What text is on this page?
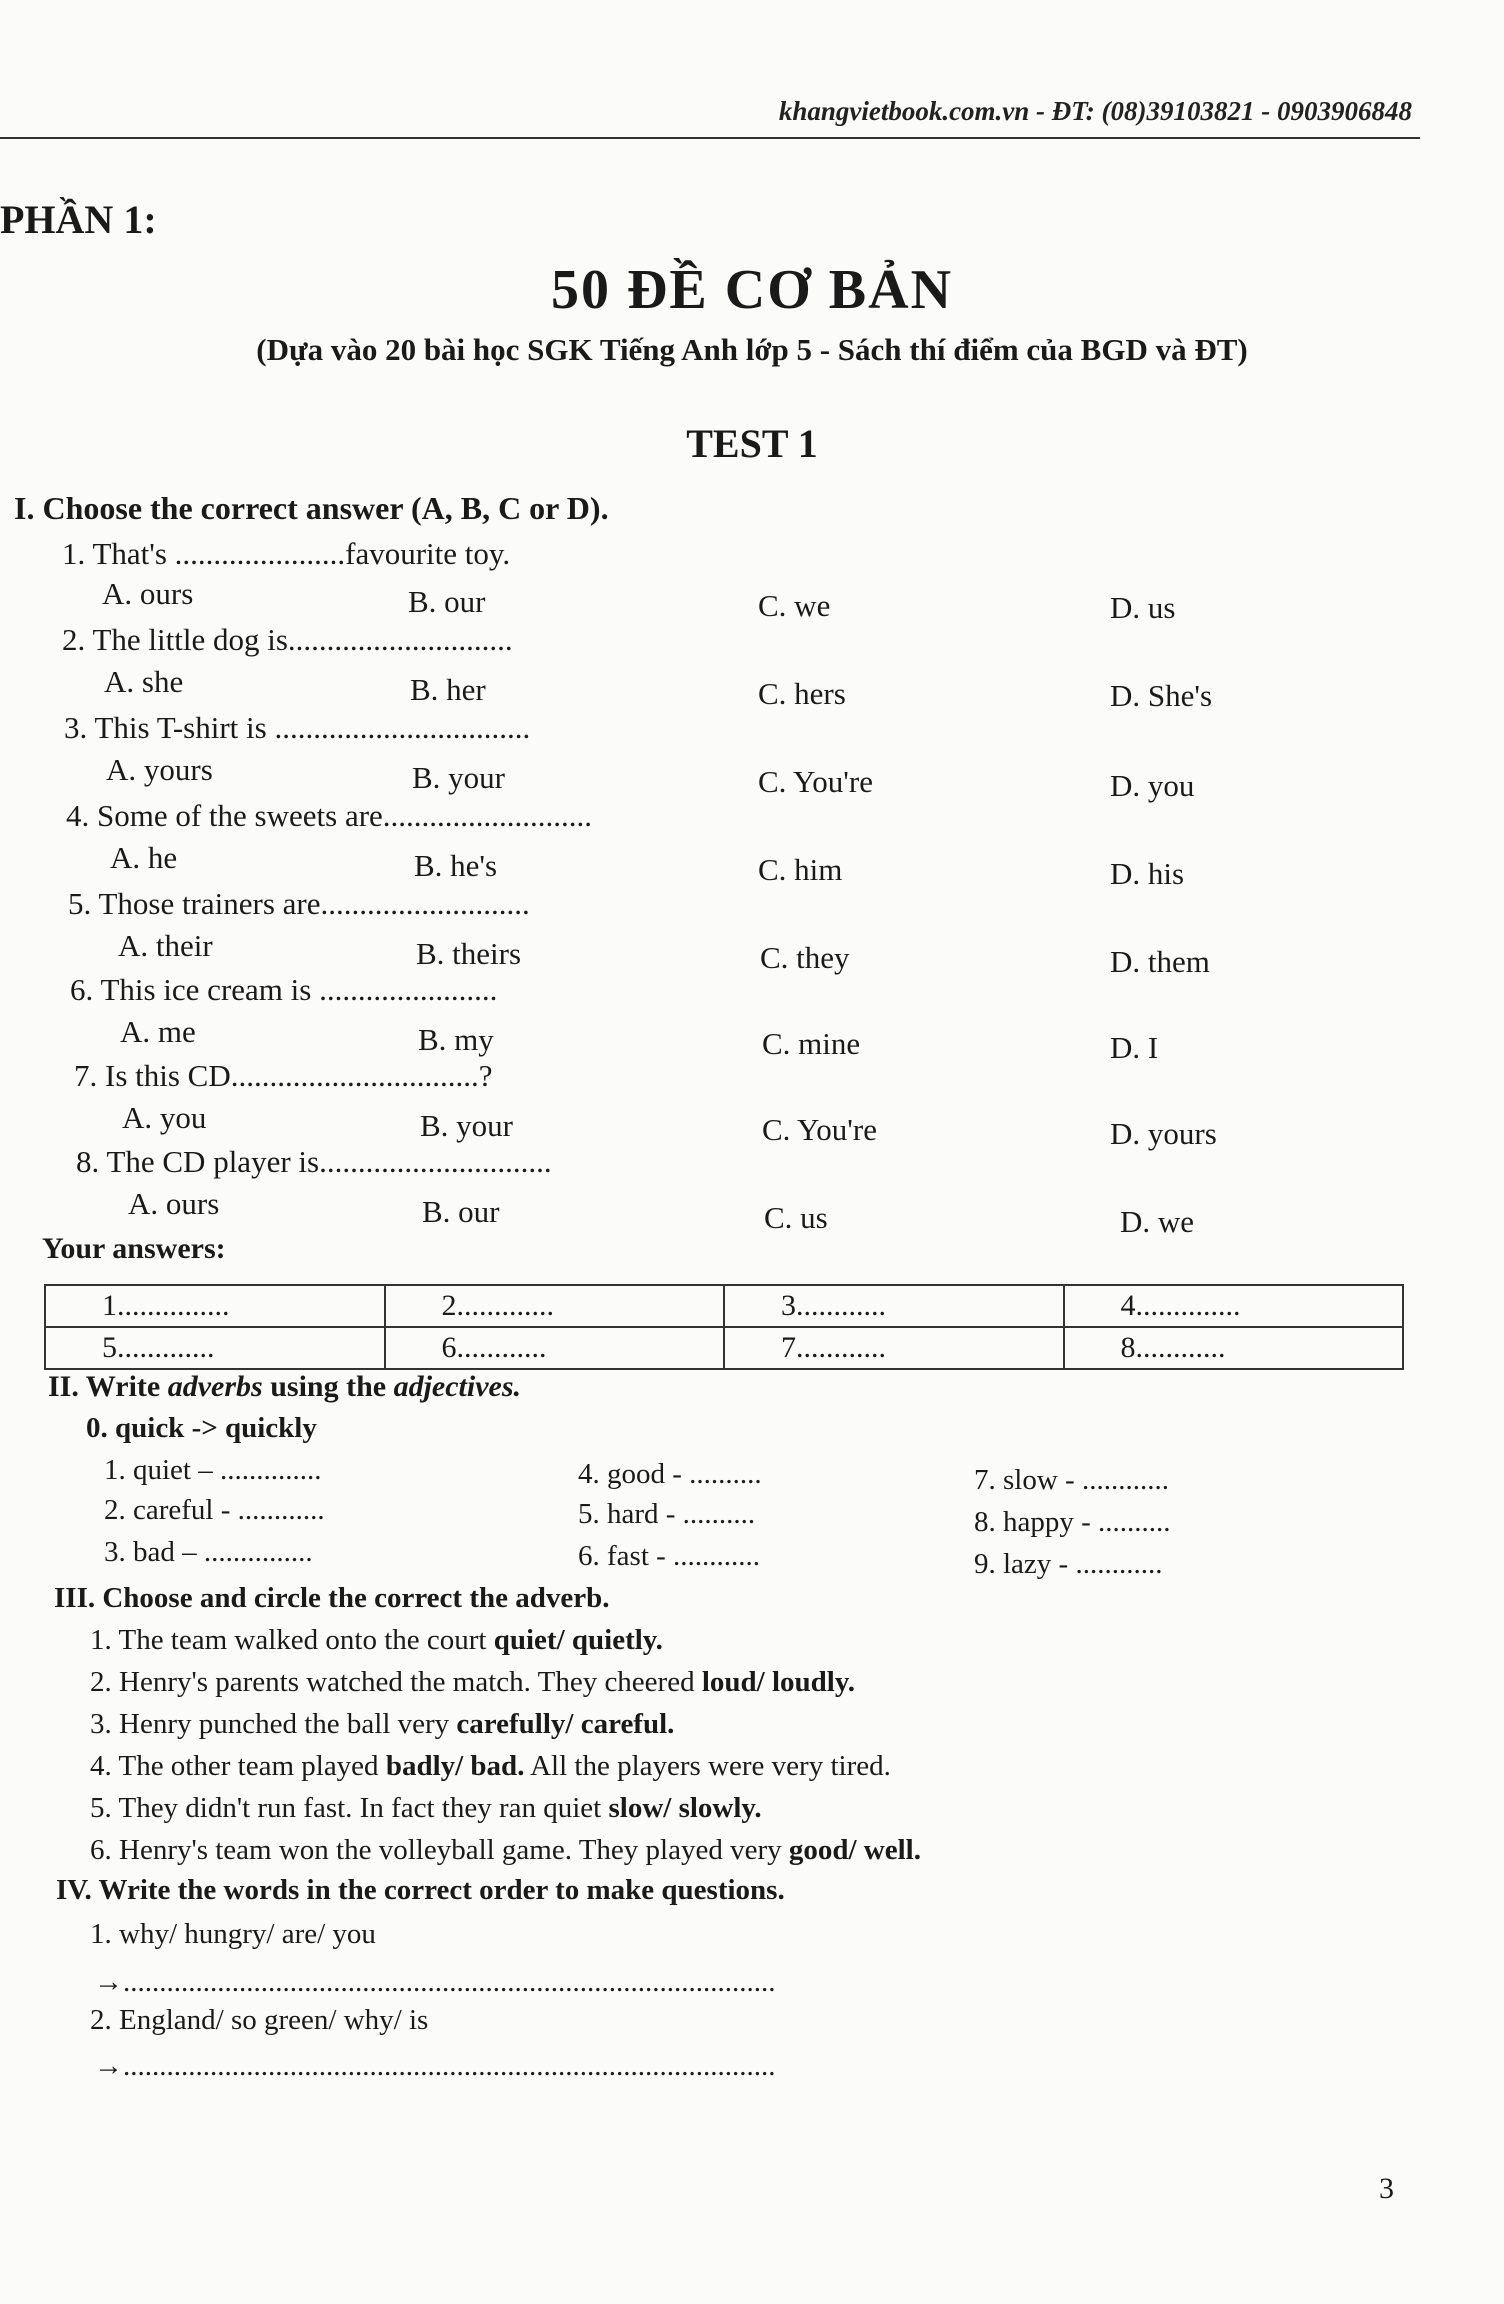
khangvietbook.com.vn - ĐT: (08)39103821 - 0903906848
PHẦN 1:
50 ĐỀ CƠ BẢN
(Dựa vào 20 bài học SGK Tiếng Anh lớp 5 - Sách thí điểm của BGD và ĐT)
TEST 1
I. Choose the correct answer (A, B, C or D).
1. That's ......................favourite toy.
A. ours	B. our	C. we	D. us
2. The little dog is.............................
A. she	B. her	C. hers	D. She's
3. This T-shirt is .................................
A. yours	B. your	C. You're	D. you
4. Some of the sweets are...........................
A. he	B. he's	C. him	D. his
5. Those trainers are...........................
A. their	B. theirs	C. they	D. them
6. This ice cream is .......................
A. me	B. my	C. mine	D. I
7. Is this CD................................?
A. you	B. your	C. You're	D. yours
8. The CD player is..............................
A. ours	B. our	C. us	D. we
Your answers:
1...............	2.............	3............	4..............
5.............	6............	7............	8............
II. Write adverbs using the adjectives.
0. quick -> quickly
1. quiet – ..............
2. careful - ............
3. bad – ...............
4. good - ..........
5. hard - ..........
6. fast - ............
7. slow - ............
8. happy - ..........
9. lazy - ............
III. Choose and circle the correct the adverb.
1. The team walked onto the court quiet/ quietly.
2. Henry's parents watched the match. They cheered loud/ loudly.
3. Henry punched the ball very carefully/ careful.
4. The other team played badly/ bad. All the players were very tired.
5. They didn't run fast. In fact they ran quiet slow/ slowly.
6. Henry's team won the volleyball game. They played very good/ well.
IV. Write the words in the correct order to make questions.
1. why/ hungry/ are/ you
→..........................................................................................
2. England/ so green/ why/ is
→..........................................................................................
3
